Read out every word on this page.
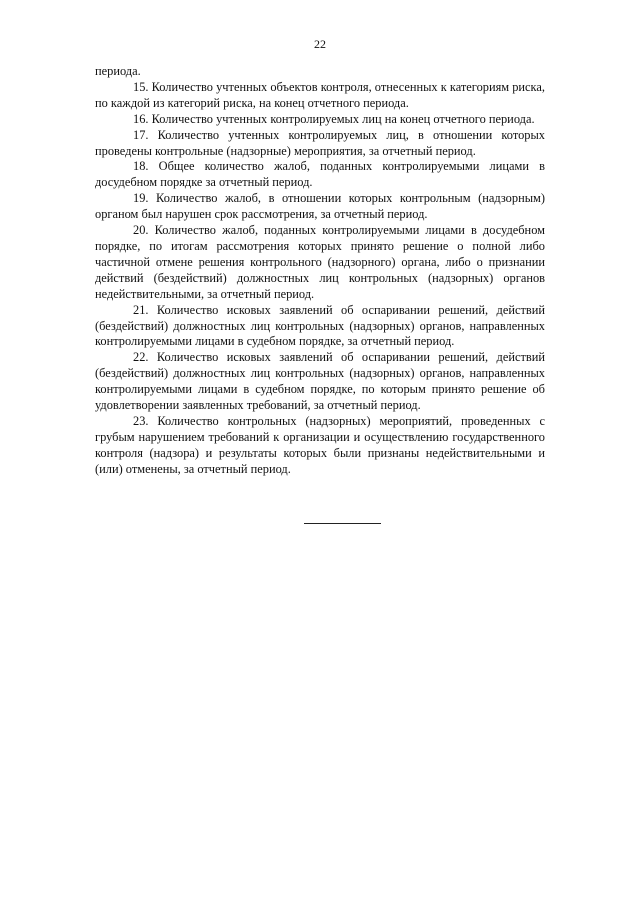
22

периода.

15. Количество учтенных объектов контроля, отнесенных к категориям риска, по каждой из категорий риска, на конец отчетного периода.

16. Количество учтенных контролируемых лиц на конец отчетного периода.

17. Количество учтенных контролируемых лиц, в отношении которых проведены контрольные (надзорные) мероприятия, за отчетный период.

18. Общее количество жалоб, поданных контролируемыми лицами в досудебном порядке за отчетный период.

19. Количество жалоб, в отношении которых контрольным (надзорным) органом был нарушен срок рассмотрения, за отчетный период.

20. Количество жалоб, поданных контролируемыми лицами в досудебном порядке, по итогам рассмотрения которых принято решение о полной либо частичной отмене решения контрольного (надзорного) органа, либо о признании действий (бездействий) должностных лиц контрольных (надзорных) органов недействительными, за отчетный период.

21. Количество исковых заявлений об оспаривании решений, действий (бездействий) должностных лиц контрольных (надзорных) органов, направленных контролируемыми лицами в судебном порядке, за отчетный период.

22. Количество исковых заявлений об оспаривании решений, действий (бездействий) должностных лиц контрольных (надзорных) органов, направленных контролируемыми лицами в судебном порядке, по которым принято решение об удовлетворении заявленных требований, за отчетный период.

23. Количество контрольных (надзорных) мероприятий, проведенных с грубым нарушением требований к организации и осуществлению государственного контроля (надзора) и результаты которых были признаны недействительными и (или) отменены, за отчетный период.
